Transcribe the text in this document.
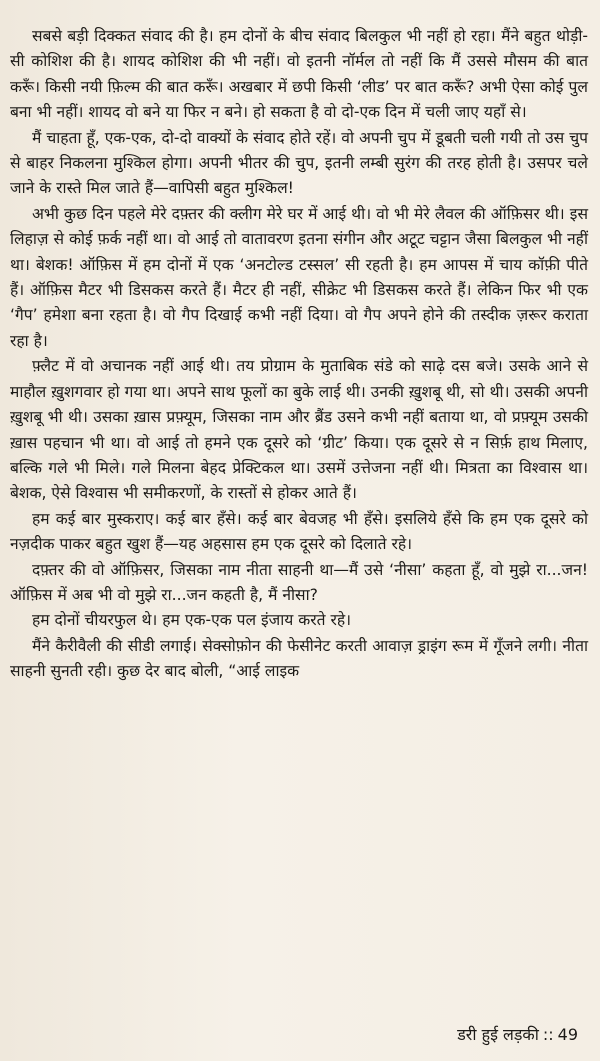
सबसे बड़ी दिक्कत संवाद की है। हम दोनों के बीच संवाद बिलकुल भी नहीं हो रहा। मैंने बहुत थोड़ी-सी कोशिश की है। शायद कोशिश की भी नहीं। वो इतनी नॉर्मल तो नहीं कि मैं उससे मौसम की बात करूँ। किसी नयी फ़िल्म की बात करूँ। अखबार में छपी किसी ‘लीड’ पर बात करूँ? अभी ऐसा कोई पुल बना भी नहीं। शायद वो बने या फिर न बने। हो सकता है वो दो-एक दिन में चली जाए यहाँ से।

मैं चाहता हूँ, एक-एक, दो-दो वाक्यों के संवाद होते रहें। वो अपनी चुप में डूबती चली गयी तो उस चुप से बाहर निकलना मुश्किल होगा। अपनी भीतर की चुप, इतनी लम्बी सुरंग की तरह होती है। उसपर चले जाने के रास्ते मिल जाते हैं—वापिसी बहुत मुश्किल!

अभी कुछ दिन पहले मेरे दफ़्तर की क्लीग मेरे घर में आई थी। वो भी मेरे लैवल की ऑफ़िसर थी। इस लिहाज़ से कोई फ़र्क नहीं था। वो आई तो वातावरण इतना संगीन और अटूट चट्टान जैसा बिलकुल भी नहीं था। बेशक! ऑफ़िस में हम दोनों में एक ‘अनटोल्ड टस्सल’ सी रहती है। हम आपस में चाय कॉफ़ी पीते हैं। ऑफ़िस मैटर भी डिसकस करते हैं। मैटर ही नहीं, सीक्रेट भी डिसकस करते हैं। लेकिन फिर भी एक ‘गैप’ हमेशा बना रहता है। वो गैप दिखाई कभी नहीं दिया। वो गैप अपने होने की तस्दीक ज़रूर कराता रहा है।

फ़्लैट में वो अचानक नहीं आई थी। तय प्रोग्राम के मुताबिक संडे को साढ़े दस बजे। उसके आने से माहौल ख़ुशगवार हो गया था। अपने साथ फूलों का बुके लाई थी। उनकी ख़ुशबू थी, सो थी। उसकी अपनी ख़ुशबू भी थी। उसका ख़ास प्रफ़्यूम, जिसका नाम और ब्रैंड उसने कभी नहीं बताया था, वो प्रफ़्यूम उसकी ख़ास पहचान भी था। वो आई तो हमने एक दूसरे को ‘ग्रीट’ किया। एक दूसरे से न सिर्फ़ हाथ मिलाए, बल्कि गले भी मिले। गले मिलना बेहद प्रेक्टिकल था। उसमें उत्तेजना नहीं थी। मित्रता का विश्वास था। बेशक, ऐसे विश्वास भी समीकरणों, के रास्तों से होकर आते हैं।

हम कई बार मुस्कराए। कई बार हँसे। कई बार बेवजह भी हँसे। इसलिये हँसे कि हम एक दूसरे को नज़दीक पाकर बहुत खुश हैं—यह अहसास हम एक दूसरे को दिलाते रहे।

दफ़्तर की वो ऑफ़िसर, जिसका नाम नीता साहनी था—मैं उसे ‘नीसा’ कहता हूँ, वो मुझे रा...जन! ऑफ़िस में अब भी वो मुझे रा...जन कहती है, मैं नीसा?

हम दोनों चीयरफुल थे। हम एक-एक पल इंजाय करते रहे।

मैंने कैरीवैली की सीडी लगाई। सेक्सोफ़ोन की फेसीनेट करती आवाज़ ड्राइंग रूम में गूँजने लगी। नीता साहनी सुनती रही। कुछ देर बाद बोली, “आई लाइक

डरी हुई लड़की :: 49
